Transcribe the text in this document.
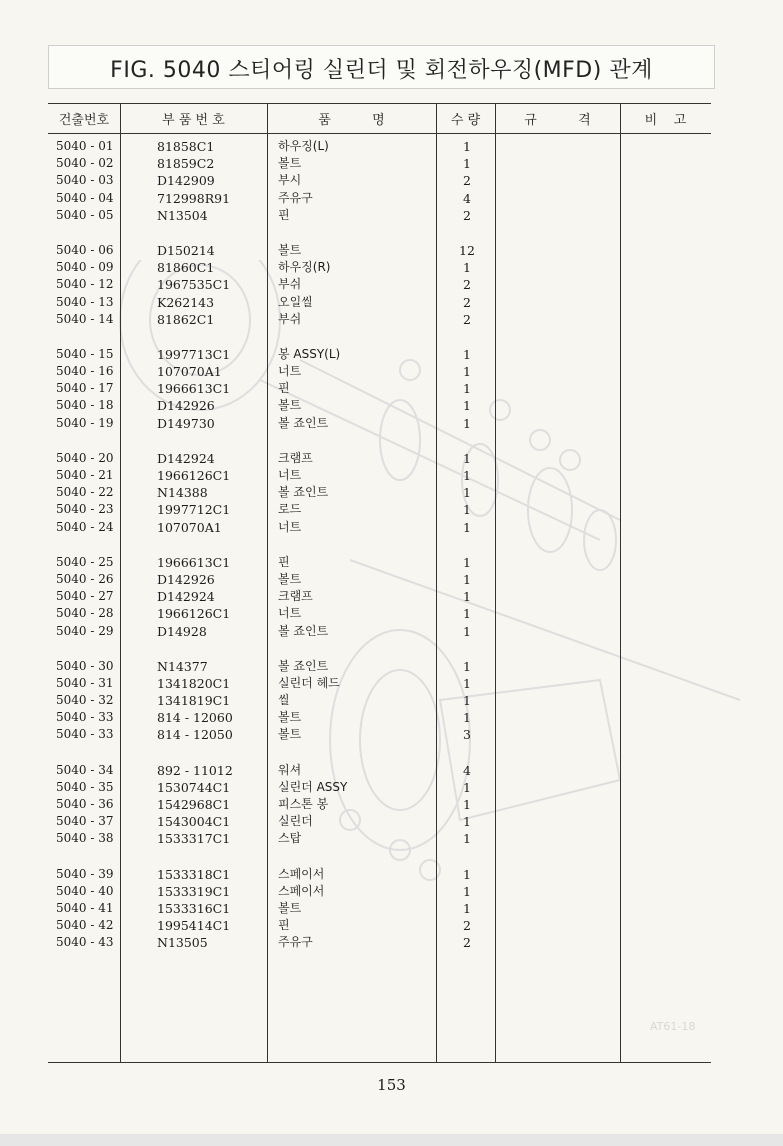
FIG. 5040 스티어링 실린더 및 회전하우징(MFD) 관계
건출번호	부 품 번 호	품          명	수 량	규          격	비    고
5040 - 01	81858C1	하우징(L)	1
5040 - 02	81859C2	볼트	1
5040 - 03	D142909	부시	2
5040 - 04	712998R91	주유구	4
5040 - 05	N13504	핀	2
5040 - 06	D150214	볼트	12
5040 - 09	81860C1	하우징(R)	1
5040 - 12	1967535C1	부쉬	2
5040 - 13	K262143	오일씰	2
5040 - 14	81862C1	부쉬	2
5040 - 15	1997713C1	봉 ASSY(L)	1
5040 - 16	107070A1	너트	1
5040 - 17	1966613C1	핀	1
5040 - 18	D142926	볼트	1
5040 - 19	D149730	볼 죠인트	1
5040 - 20	D142924	크램프	1
5040 - 21	1966126C1	너트	1
5040 - 22	N14388	볼 죠인트	1
5040 - 23	1997712C1	로드	1
5040 - 24	107070A1	너트	1
5040 - 25	1966613C1	핀	1
5040 - 26	D142926	볼트	1
5040 - 27	D142924	크램프	1
5040 - 28	1966126C1	너트	1
5040 - 29	D14928	볼 죠인트	1
5040 - 30	N14377	볼 죠인트	1
5040 - 31	1341820C1	실린더 헤드	1
5040 - 32	1341819C1	씰	1
5040 - 33	814 - 12060	볼트	1
5040 - 33	814 - 12050	볼트	3
5040 - 34	892 - 11012	워셔	4
5040 - 35	1530744C1	실린더 ASSY	1
5040 - 36	1542968C1	피스톤 봉	1
5040 - 37	1543004C1	실린더	1
5040 - 38	1533317C1	스탑	1
5040 - 39	1533318C1	스페이서	1
5040 - 40	1533319C1	스페이서	1
5040 - 41	1533316C1	볼트	1
5040 - 42	1995414C1	핀	2
5040 - 43	N13505	주유구	2
AT61-18
153
